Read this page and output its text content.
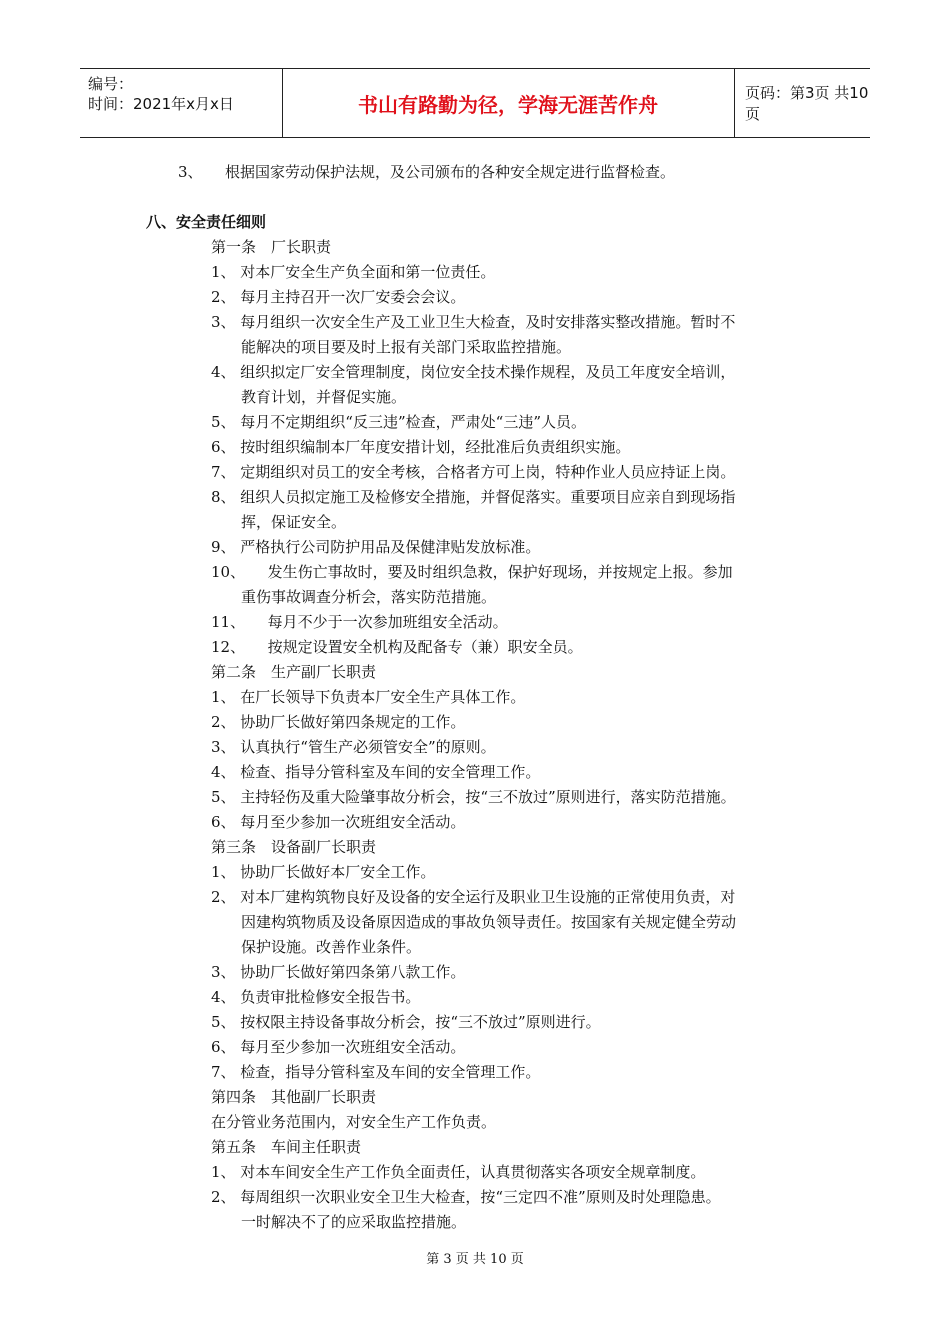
编号：
时间：2021年x月x日	书山有路勤为径，学海无涯苦作舟	页码：第3页 共10页
3、　　根据国家劳动保护法规，及公司颁布的各种安全规定进行监督检查。
八、安全责任细则
第一条　厂长职责
1、 对本厂安全生产负全面和第一位责任。
2、 每月主持召开一次厂安委会会议。
3、 每月组织一次安全生产及工业卫生大检查，及时安排落实整改措施。暂时不
能解决的项目要及时上报有关部门采取监控措施。
4、 组织拟定厂安全管理制度，岗位安全技术操作规程，及员工年度安全培训，
教育计划，并督促实施。
5、 每月不定期组织“反三违”检查，严肃处“三违”人员。
6、 按时组织编制本厂年度安措计划，经批准后负责组织实施。
7、 定期组织对员工的安全考核，合格者方可上岗，特种作业人员应持证上岗。
8、 组织人员拟定施工及检修安全措施，并督促落实。重要项目应亲自到现场指
挥，保证安全。
9、 严格执行公司防护用品及保健津贴发放标准。
10、　　发生伤亡事故时，要及时组织急救，保护好现场，并按规定上报。参加
重伤事故调查分析会，落实防范措施。
11、　　每月不少于一次参加班组安全活动。
12、　　按规定设置安全机构及配备专（兼）职安全员。
第二条　生产副厂长职责
1、 在厂长领导下负责本厂安全生产具体工作。
2、 协助厂长做好第四条规定的工作。
3、 认真执行“管生产必须管安全”的原则。
4、 检查、指导分管科室及车间的安全管理工作。
5、 主持轻伤及重大险肇事故分析会，按“三不放过”原则进行，落实防范措施。
6、 每月至少参加一次班组安全活动。
第三条　设备副厂长职责
1、 协助厂长做好本厂安全工作。
2、 对本厂建构筑物良好及设备的安全运行及职业卫生设施的正常使用负责，对
因建构筑物质及设备原因造成的事故负领导责任。按国家有关规定健全劳动
保护设施。改善作业条件。
3、 协助厂长做好第四条第八款工作。
4、 负责审批检修安全报告书。
5、 按权限主持设备事故分析会，按“三不放过”原则进行。
6、 每月至少参加一次班组安全活动。
7、 检查，指导分管科室及车间的安全管理工作。
第四条　其他副厂长职责
在分管业务范围内，对安全生产工作负责。
第五条　车间主任职责
1、 对本车间安全生产工作负全面责任，认真贯彻落实各项安全规章制度。
2、 每周组织一次职业安全卫生大检查，按“三定四不准”原则及时处理隐患。
一时解决不了的应采取监控措施。
第 3 页 共 10 页
